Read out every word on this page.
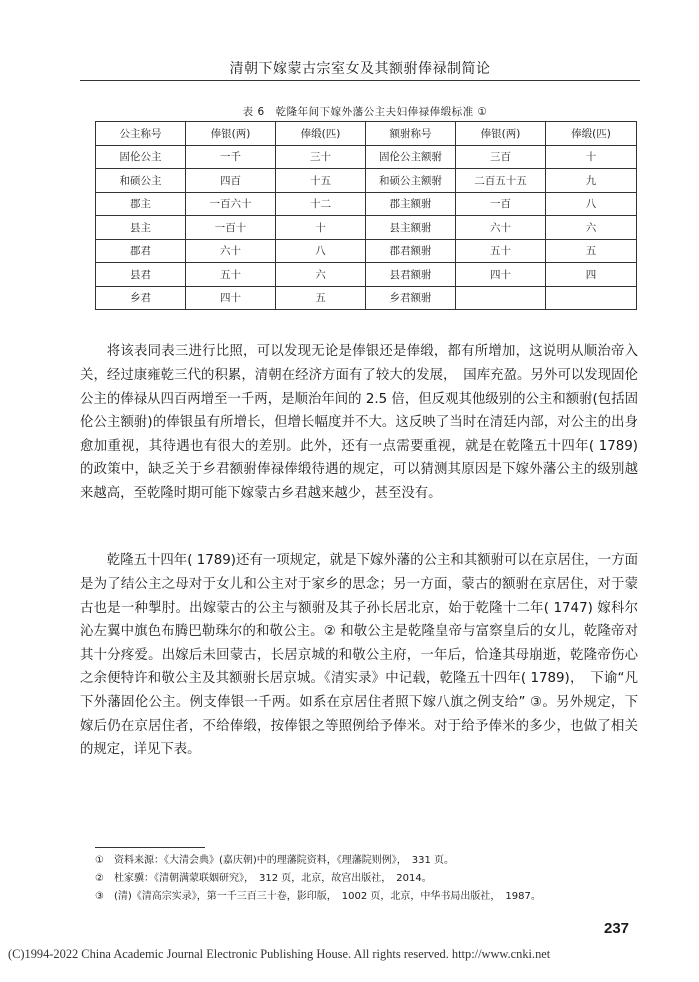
清朝下嫁蒙古宗室女及其额驸俸禄制简论
表 6　乾隆年间下嫁外藩公主夫妇俸禄俸缎标准 ①
公主称号	俸银(两)	俸缎(匹)	额驸称号	俸银(两)	俸缎(匹)
固伦公主	一千	三十	固伦公主额驸	三百	十
和硕公主	四百	十五	和硕公主额驸	二百五十五	九
郡主	一百六十	十二	郡主额驸	一百	八
县主	一百十	十	县主额驸	六十	六
郡君	六十	八	郡君额驸	五十	五
县君	五十	六	县君额驸	四十	四
乡君	四十	五	乡君额驸		

将该表同表三进行比照，可以发现无论是俸银还是俸缎，都有所增加，这说明从顺治帝入关，经过康雍乾三代的积累，清朝在经济方面有了较大的发展，　国库充盈。另外可以发现固伦公主的俸禄从四百两增至一千两，是顺治年间的 2.5 倍，但反观其他级别的公主和额驸(包括固伦公主额驸)的俸银虽有所增长，但增长幅度并不大。这反映了当时在清廷内部，对公主的出身愈加重视，其待遇也有很大的差别。此外，还有一点需要重视，就是在乾隆五十四年( 1789) 的政策中，缺乏关于乡君额驸俸禄俸缎待遇的规定，可以猜测其原因是下嫁外藩公主的级别越来越高，至乾隆时期可能下嫁蒙古乡君越来越少，甚至没有。

乾隆五十四年( 1789)还有一项规定，就是下嫁外藩的公主和其额驸可以在京居住，一方面是为了结公主之母对于女儿和公主对于家乡的思念；另一方面，蒙古的额驸在京居住，对于蒙古也是一种掣肘。出嫁蒙古的公主与额驸及其子孙长居北京，始于乾隆十二年( 1747) 嫁科尔沁左翼中旗色布腾巴勒珠尔的和敬公主。② 和敬公主是乾隆皇帝与富察皇后的女儿，乾隆帝对其十分疼爱。出嫁后未回蒙古，长居京城的和敬公主府，一年后，恰逢其母崩逝，乾隆帝伤心之余便特许和敬公主及其额驸长居京城。《清实录》中记载，乾隆五十四年( 1789)，　下谕“凡下外藩固伦公主。例支俸银一千两。如系在京居住者照下嫁八旗之例支给” ③。另外规定，下嫁后仍在京居住者，不给俸缎，按俸银之等照例给予俸米。对于给予俸米的多少，也做了相关的规定，详见下表。

①　资料来源：《大清会典》(嘉庆朝)中的理藩院资料，《理藩院则例》，　331 页。
②　杜家骥：《清朝满蒙联姻研究》，　312 页，北京，故宫出版社，　2014。
③　(清)《清高宗实录》，第一千三百三十卷，影印版，　1002 页，北京，中华书局出版社，　1987。
237
(C)1994-2022 China Academic Journal Electronic Publishing House. All rights reserved. http://www.cnki.net
